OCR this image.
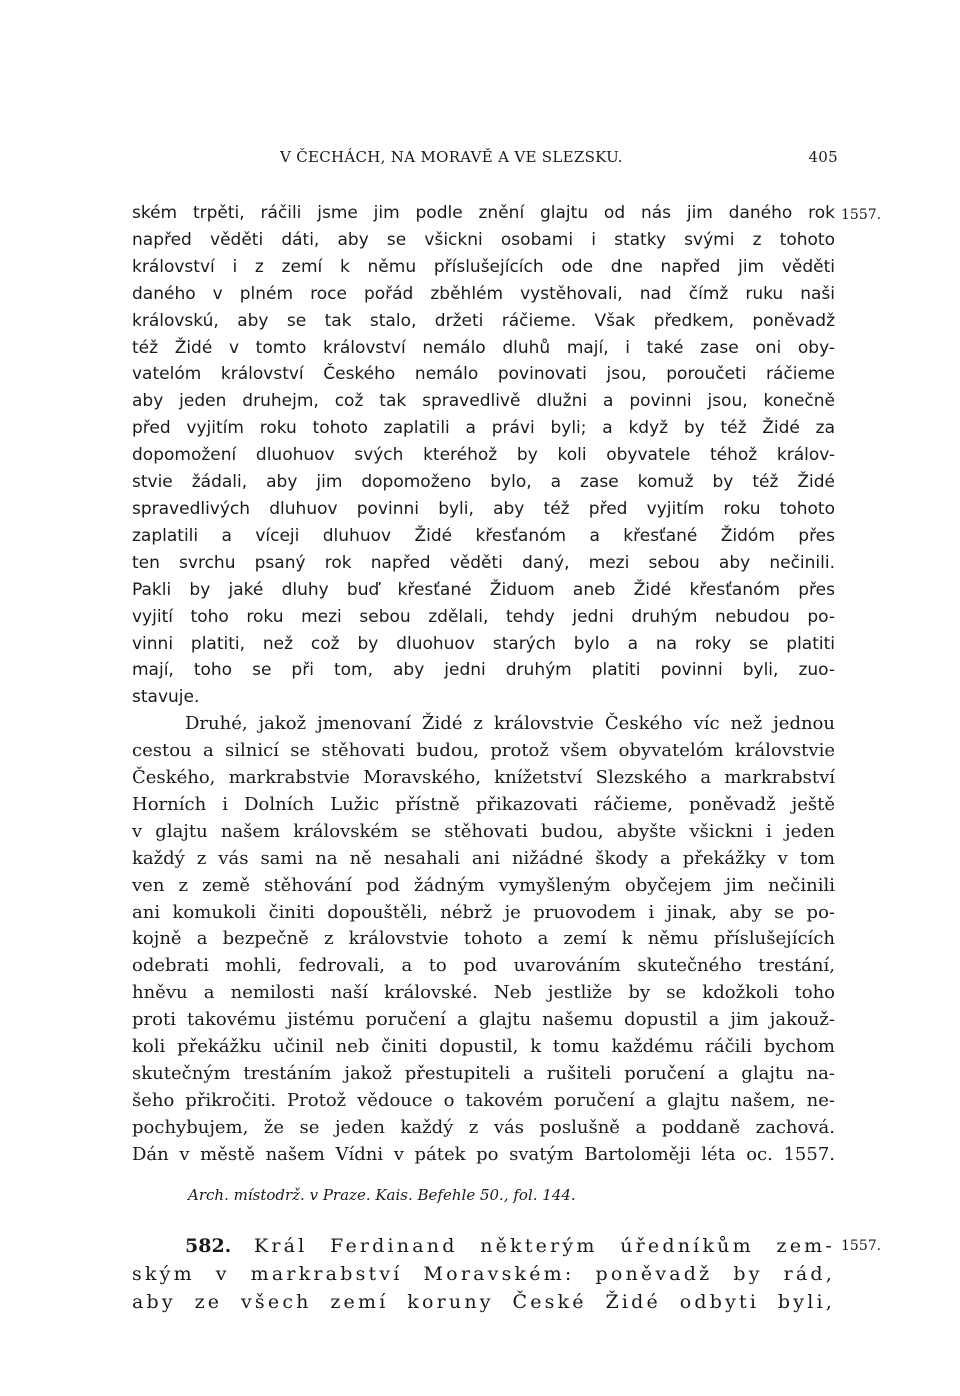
V ČECHÁCH, NA MORAVĚ A VE SLEZSKU.	405
1557.
ském trpěti, ráčili jsme jim podle znění glajtu od nás jim daného rok
napřed věděti dáti, aby se všickni osobami i statky svými z tohoto
království i z zemí k němu příslušejících ode dne napřed jim věděti
daného v plném roce pořád zběhlém vystěhovali, nad čímž ruku naši
královskú, aby se tak stalo, držeti ráčieme. Však předkem, poněvadž
též Židé v tomto království nemálo dluhů mají, i také zase oni oby-
vatelóm království Českého nemálo povinovati jsou, poroučeti ráčieme
aby jeden druhejm, což tak spravedlivě dlužni a povinni jsou, konečně
před vyjitím roku tohoto zaplatili a právi byli; a když by též Židé za
dopomožení dluohuov svých kteréhož by koli obyvatele téhož králov-
stvie žádali, aby jim dopomoženo bylo, a zase komuž by též Židé
spravedlivých dluhuov povinni byli, aby též před vyjitím roku tohoto
zaplatili a víceji dluhuov Židé křesťanóm a křesťané Židóm přes
ten svrchu psaný rok napřed věděti daný, mezi sebou aby nečinili.
Pakli by jaké dluhy buď křesťané Židuom aneb Židé křesťanóm přes
vyjití toho roku mezi sebou zdělali, tehdy jedni druhým nebudou po-
vinni platiti, než což by dluohuov starých bylo a na roky se platiti
mají, toho se při tom, aby jedni druhým platiti povinni byli, zuo-
stavuje.
Druhé, jakož jmenovaní Židé z královstvie Českého víc než jednou
cestou a silnicí se stěhovati budou, protož všem obyvatelóm královstvie
Českého, markrabstvie Moravského, knížetství Slezského a markrabství
Horních i Dolních Lužic přístně přikazovati ráčieme, poněvadž ještě
v glajtu našem královském se stěhovati budou, abyšte všickni i jeden
každý z vás sami na ně nesahali ani nižádné škody a překážky v tom
ven z země stěhování pod žádným vymyšleným obyčejem jim nečinili
ani komukoli činiti dopouštěli, nébrž je pruovodem i jinak, aby se po-
kojně a bezpečně z královstvie tohoto a zemí k němu příslušejících
odebrati mohli, fedrovali, a to pod uvarováním skutečného trestání,
hněvu a nemilosti naší královské. Neb jestliže by se kdožkoli toho
proti takovému jistému poručení a glajtu našemu dopustil a jim jakouž-
koli překážku učinil neb činiti dopustil, k tomu každému ráčili bychom
skutečným trestáním jakož přestupiteli a rušiteli poručení a glajtu na-
šeho přikročiti. Protož vědouce o takovém poručení a glajtu našem, ne-
pochybujem, že se jeden každý z vás poslušně a poddaně zachová.
Dán v městě našem Vídni v pátek po svatým Bartoloměji léta oc. 1557.
Arch. místodrž. v Praze. Kais. Befehle 50., fol. 144.
1557.
582. Král Ferdinand některým úředníkům zem-
ským v markrabství Moravském: poněvadž by rád,
aby ze všech zemí koruny České Židé odbyti byli,
